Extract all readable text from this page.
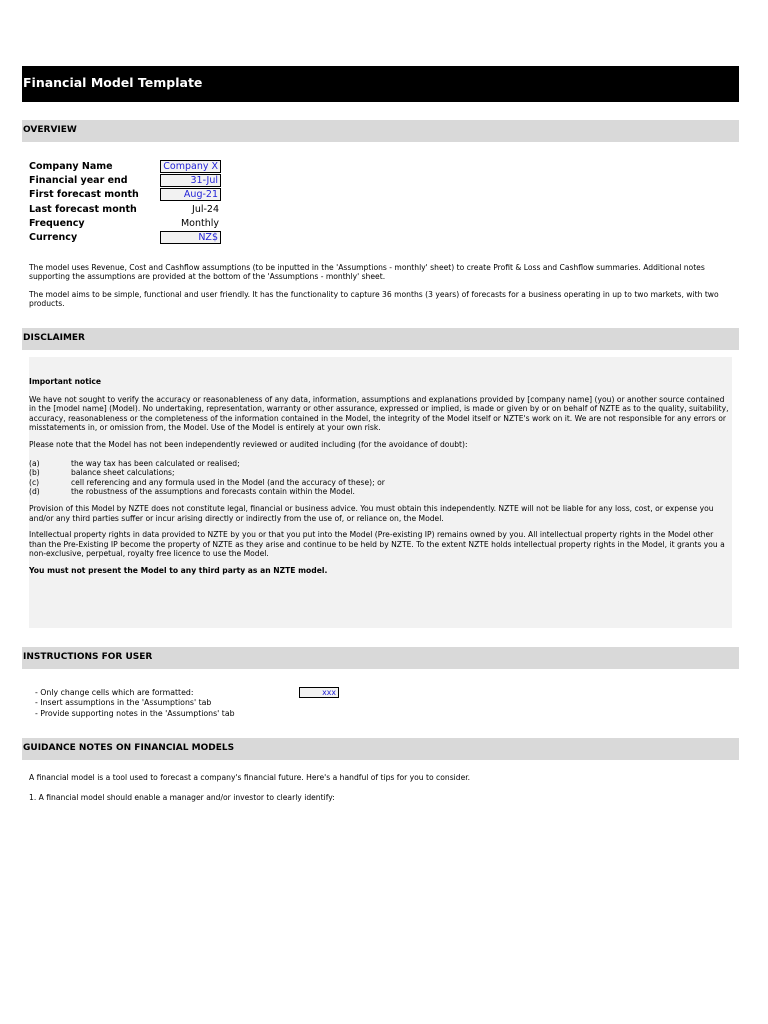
Financial Model Template
OVERVIEW
Company Name	Company X
Financial year end	31-Jul
First forecast month	Aug-21
Last forecast month	Jul-24
Frequency	Monthly
Currency	NZ$
The model uses Revenue, Cost and Cashflow assumptions (to be inputted in the 'Assumptions - monthly' sheet) to create Profit & Loss and Cashflow summaries. Additional notes supporting the assumptions are provided at the bottom of the 'Assumptions - monthly' sheet.
The model aims to be simple, functional and user friendly. It has the functionality to capture 36 months (3 years) of forecasts for a business operating in up to two markets, with two products.
DISCLAIMER
Important notice
We have not sought to verify the accuracy or reasonableness of any data, information, assumptions and explanations provided by [company name] (you) or another source contained in the [model name] (Model). No undertaking, representation, warranty or other assurance, expressed or implied, is made or given by or on behalf of NZTE as to the quality, suitability, accuracy, reasonableness or the completeness of the information contained in the Model, the integrity of the Model itself or NZTE's work on it. We are not responsible for any errors or misstatements in, or omission from, the Model. Use of the Model is entirely at your own risk.
Please note that the Model has not been independently reviewed or audited including (for the avoidance of doubt):
(a)	the way tax has been calculated or realised;
(b)	balance sheet calculations;
(c)	cell referencing and any formula used in the Model (and the accuracy of these); or
(d)	the robustness of the assumptions and forecasts contain within the Model.
Provision of this Model by NZTE does not constitute legal, financial or business advice. You must obtain this independently. NZTE will not be liable for any loss, cost, or expense you and/or any third parties suffer or incur arising directly or indirectly from the use of, or reliance on, the Model.
Intellectual property rights in data provided to NZTE by you or that you put into the Model (Pre-existing IP) remains owned by you. All intellectual property rights in the Model other than the Pre-Existing IP become the property of NZTE as they arise and continue to be held by NZTE. To the extent NZTE holds intellectual property rights in the Model, it grants you a non-exclusive, perpetual, royalty free licence to use the Model.
You must not present the Model to any third party as an NZTE model.
INSTRUCTIONS FOR USER
- Only change cells which are formatted:
- Insert assumptions in the 'Assumptions' tab
- Provide supporting notes in the 'Assumptions' tab
xxx
GUIDANCE NOTES ON FINANCIAL MODELS
A financial model is a tool used to forecast a company's financial future. Here's a handful of tips for you to consider.
1. A financial model should enable a manager and/or investor to clearly identify:
